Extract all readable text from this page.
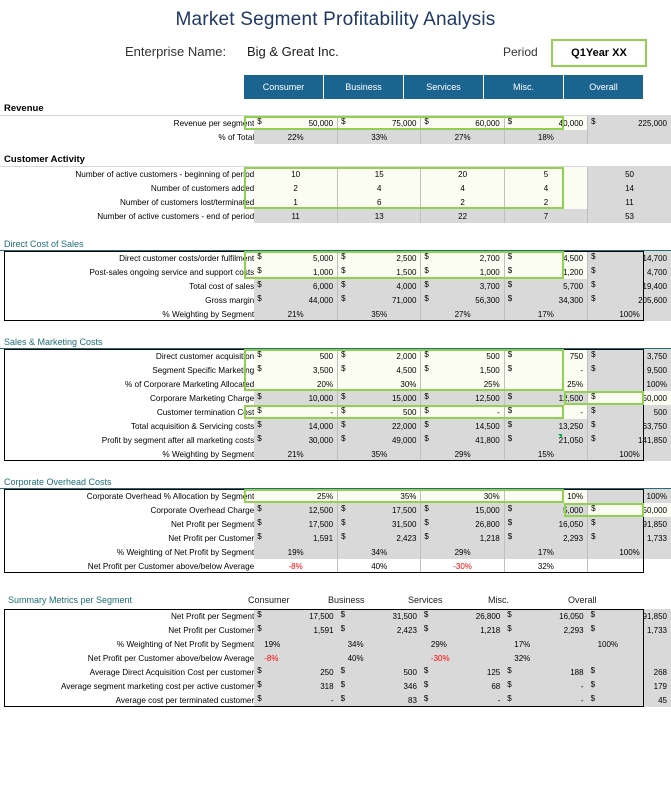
Market Segment Profitability Analysis
Enterprise Name: Big & Great Inc.	Period	Q1Year XX
Consumer	Business	Services	Misc.	Overall
Revenue
Revenue per segment	$ 50,000	$ 75,000	$ 60,000	$ 40,000	$ 225,000

% of Total	22%	33%	27%	18%	
Customer Activity
Number of active customers - beginning of period	10	15	20	5	50
Number of customers added	2	4	4	4	14
Number of customers lost/terminated	1	6	2	2	11
Number of active customers - end of period	11	13	22	7	53
Direct Cost of Sales
Direct customer costs/order fulfilment	$ 5,000	$ 2,500	$ 2,700	$ 4,500	$ 14,700

Post-sales ongoing service and support costs	$ 1,000	$ 1,500	$ 1,000	$ 1,200	$ 4,700

Total cost of sales	$ 6,000	$ 4,000	$ 3,700	$ 5,700	$ 19,400

Gross margin	$ 44,000	$ 71,000	$ 56,300	$ 34,300	$ 205,600

% Weighting by Segment	21%	35%	27%	17%	100%
Sales & Marketing Costs
Direct customer acquisition	$ 500	$ 2,000	$ 500	$ 750	$ 3,750

Segment Specific Marketing	$ 3,500	$ 4,500	$ 1,500	$ -	$ 9,500

% of Corporare Marketing Allocated	20%	30%	25%	25%	100%
Corporare Marketing Charge	$ 10,000	$ 15,000	$ 12,500	$ 12,500	$ 50,000

Customer termination Cost	$ -	$ 500	$ -	$ -	$ 500

Total acquisition & Servicing costs	$ 14,000	$ 22,000	$ 14,500	$ 13,250	$ 63,750

Profit by segment after all marketing costs	$ 30,000	$ 49,000	$ 41,800	$ 21,050	$ 141,850

% Weighting by Segment	21%	35%	29%	15%	100%
Corporate Overhead Costs
Corporate Overhead % Allocation by Segment	25%	35%	30%	10%	100%
Corporate Overhead Charge	$ 12,500	$ 17,500	$ 15,000	$ 5,000	$ 50,000

Net Profit per Segment	$ 17,500	$ 31,500	$ 26,800	$ 16,050	$ 91,850

Net Profit per Customer	$ 1,591	$ 2,423	$ 1,218	$ 2,293	$ 1,733

% Weighting of Net Profit by Segment	19%	34%	29%	17%	100%
Net Profit per Customer above/below Average	-8%	40%	-30%	32%	
Summary Metrics per Segment	Consumer	Business	Services	Misc.	Overall
Net Profit per Segment	$ 17,500	$ 31,500	$ 26,800	$ 16,050	$ 91,850

Net Profit per Customer	$ 1,591	$ 2,423	$ 1,218	$ 2,293	$ 1,733

% Weighting of Net Profit by Segment	19%	34%	29%	17%	100%
Net Profit per Customer above/below Average	-8%	40%	-30%	32%	
Average Direct Acquisition Cost per customer	$ 250	$ 500	$ 125	$ 188	$ 268

Average segment marketing cost per active customer	$ 318	$ 346	$ 68	$ -	$ 179

Average cost per terminated customer	$ -	$ 83	$ -	$ -	$ 45
